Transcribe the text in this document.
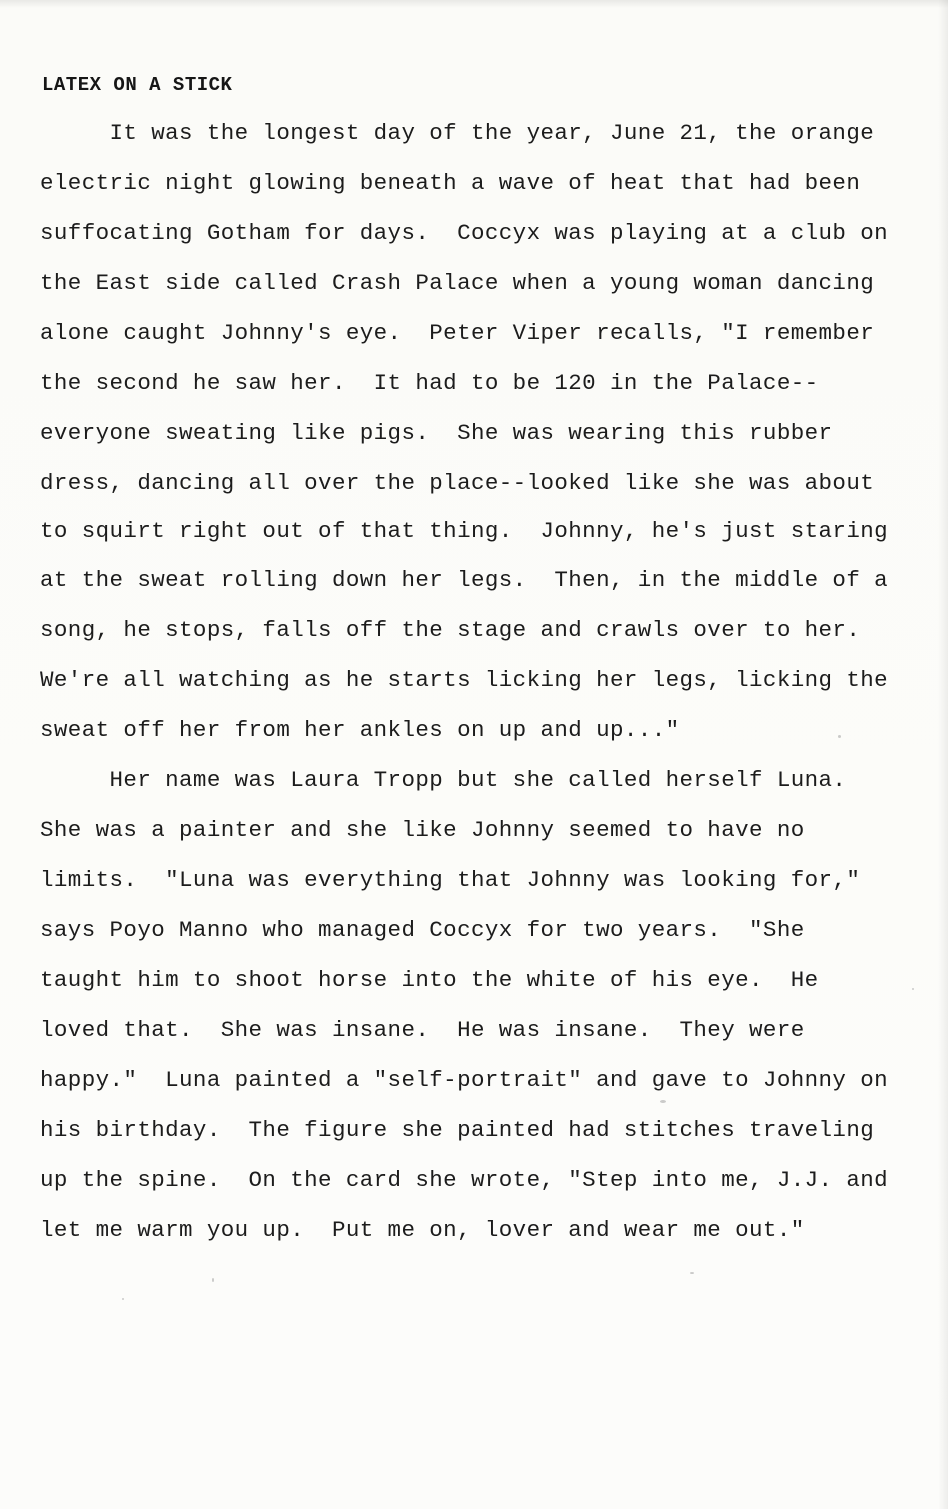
LATEX ON A STICK
It was the longest day of the year, June 21, the orange
electric night glowing beneath a wave of heat that had been
suffocating Gotham for days.  Coccyx was playing at a club on
the East side called Crash Palace when a young woman dancing
alone caught Johnny's eye.  Peter Viper recalls, "I remember
the second he saw her.  It had to be 120 in the Palace--
everyone sweating like pigs.  She was wearing this rubber
dress, dancing all over the place--looked like she was about
to squirt right out of that thing.  Johnny, he's just staring
at the sweat rolling down her legs.  Then, in the middle of a
song, he stops, falls off the stage and crawls over to her.
We're all watching as he starts licking her legs, licking the
sweat off her from her ankles on up and up..."
Her name was Laura Tropp but she called herself Luna.
She was a painter and she like Johnny seemed to have no
limits.  "Luna was everything that Johnny was looking for,"
says Poyo Manno who managed Coccyx for two years.  "She
taught him to shoot horse into the white of his eye.  He
loved that.  She was insane.  He was insane.  They were
happy."  Luna painted a "self-portrait" and gave to Johnny on
his birthday.  The figure she painted had stitches traveling
up the spine.  On the card she wrote, "Step into me, J.J. and
let me warm you up.  Put me on, lover and wear me out."
